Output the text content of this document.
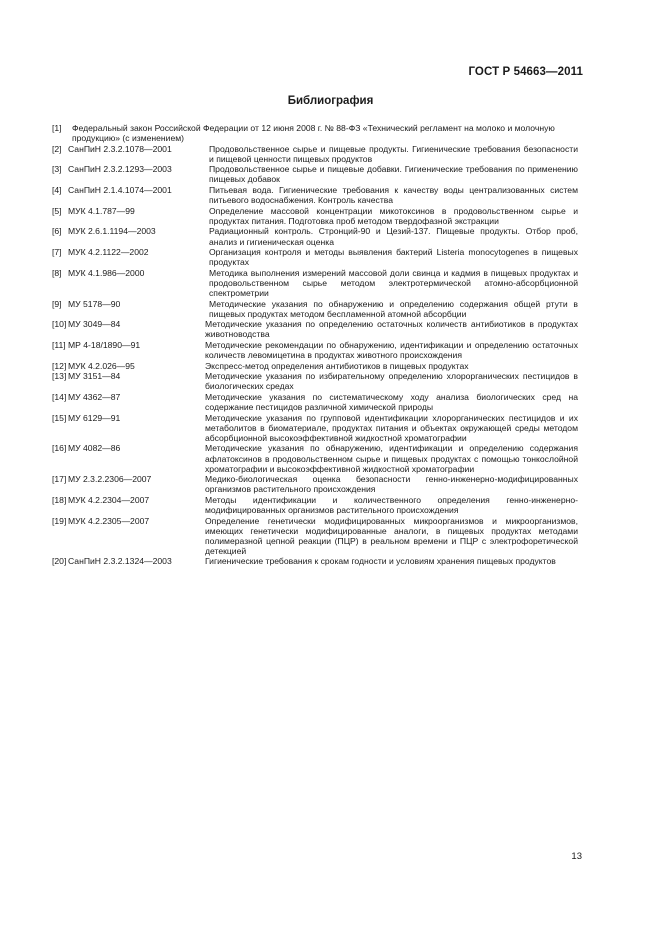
ГОСТ Р 54663—2011
Библиография
[1]	Федеральный закон Российской Федерации от 12 июня 2008 г. № 88-ФЗ «Технический регламент на молоко и молочную продукцию» (с изменением)
[2] СанПиН 2.3.2.1078—2001	Продовольственное сырье и пищевые продукты. Гигиенические требования безопасности и пищевой ценности пищевых продуктов
[3] СанПиН 2.3.2.1293—2003	Продовольственное сырье и пищевые добавки. Гигиенические требования по применению пищевых добавок
[4] СанПиН 2.1.4.1074—2001	Питьевая вода. Гигиенические требования к качеству воды централизованных систем питьевого водоснабжения. Контроль качества
[5] МУК 4.1.787—99	Определение массовой концентрации микотоксинов в продовольственном сырье и продуктах питания. Подготовка проб методом твердофазной экстракции
[6] МУК 2.6.1.1194—2003	Радиационный контроль. Стронций-90 и Цезий-137. Пищевые продукты. Отбор проб, анализ и гигиеническая оценка
[7] МУК 4.2.1122—2002	Организация контроля и методы выявления бактерий Listeria monocytogenes в пищевых продуктах
[8] МУК 4.1.986—2000	Методика выполнения измерений массовой доли свинца и кадмия в пищевых продуктах и продовольственном сырье методом электротермической атомно-абсорбционной спектрометрии
[9] МУ 5178—90	Методические указания по обнаружению и определению содержания общей ртути в пищевых продуктах методом беспламенной атомной абсорбции
[10] МУ 3049—84	Методические указания по определению остаточных количеств антибиотиков в продуктах животноводства
[11] МР 4-18/1890—91	Методические рекомендации по обнаружению, идентификации и определению остаточных количеств левомицетина в продуктах животного происхождения
[12] МУК 4.2.026—95	Экспресс-метод определения антибиотиков в пищевых продуктах
[13] МУ 3151—84	Методические указания по избирательному определению хлорорганических пестицидов в биологических средах
[14] МУ 4362—87	Методические указания по систематическому ходу анализа биологических сред на содержание пестицидов различной химической природы
[15] МУ 6129—91	Методические указания по групповой идентификации хлорорганических пестицидов и их метаболитов в биоматериале, продуктах питания и объектах окружающей среды методом абсорбционной высокоэффективной жидкостной хроматографии
[16] МУ 4082—86	Методические указания по обнаружению, идентификации и определению содержания афлатоксинов в продовольственном сырье и пищевых продуктах с помощью тонкослойной хроматографии и высокоэффективной жидкостной хроматографии
[17] МУ 2.3.2.2306—2007	Медико-биологическая оценка безопасности генно-инженерно-модифицированных организмов растительного происхождения
[18] МУК 4.2.2304—2007	Методы идентификации и количественного определения генно-инженерно-модифицированных организмов растительного происхождения
[19] МУК 4.2.2305—2007	Определение генетически модифицированных микроорганизмов и микроорганизмов, имеющих генетически модифицированные аналоги, в пищевых продуктах методами полимеразной цепной реакции (ПЦР) в реальном времени и ПЦР с электрофоретической детекцией
[20] СанПиН 2.3.2.1324—2003	Гигиенические требования к срокам годности и условиям хранения пищевых продуктов
13
